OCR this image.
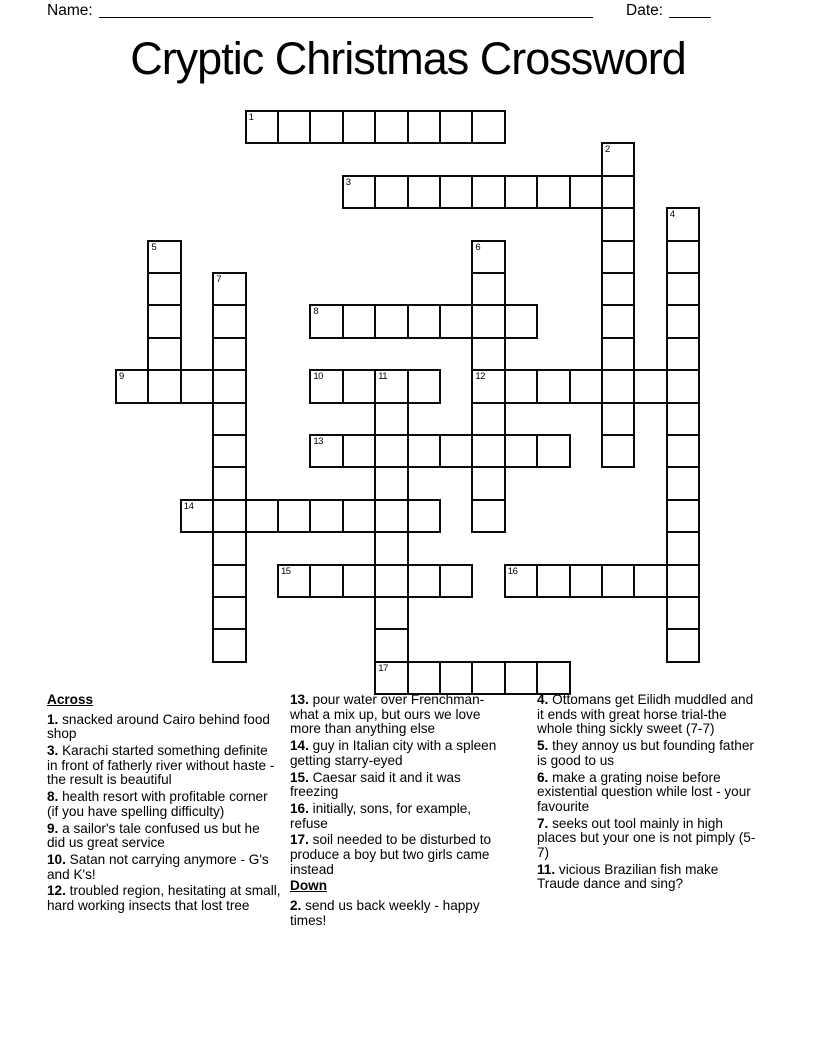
Name:	Date:
Cryptic Christmas Crossword
1
2
3
4
5	6
12
7
8
9	10	11
17
13
14
15	16
Across
1. snacked around Cairo behind food shop
3. Karachi started something definite in front of fatherly river without haste - the result is beautiful
8. health resort with profitable corner (if you have spelling difficulty)
9. a sailor's tale confused us but he did us great service
10. Satan not carrying anymore - G's and K's!
12. troubled region, hesitating at small, hard working insects that lost tree
13. pour water over Frenchman-what a mix up, but ours we love more than anything else
14. guy in Italian city with a spleen getting starry-eyed
15. Caesar said it and it was freezing
16. initially, sons, for example, refuse
17. soil needed to be disturbed to produce a boy but two girls came instead
Down
2. send us back weekly - happy times!
4. Ottomans get Eilidh muddled and it ends with great horse trial-the whole thing sickly sweet (7-7)
5. they annoy us but founding father is good to us
6. make a grating noise before existential question while lost - your favourite
7. seeks out tool mainly in high places but your one is not pimply (5-7)
11. vicious Brazilian fish make Traude dance and sing?
